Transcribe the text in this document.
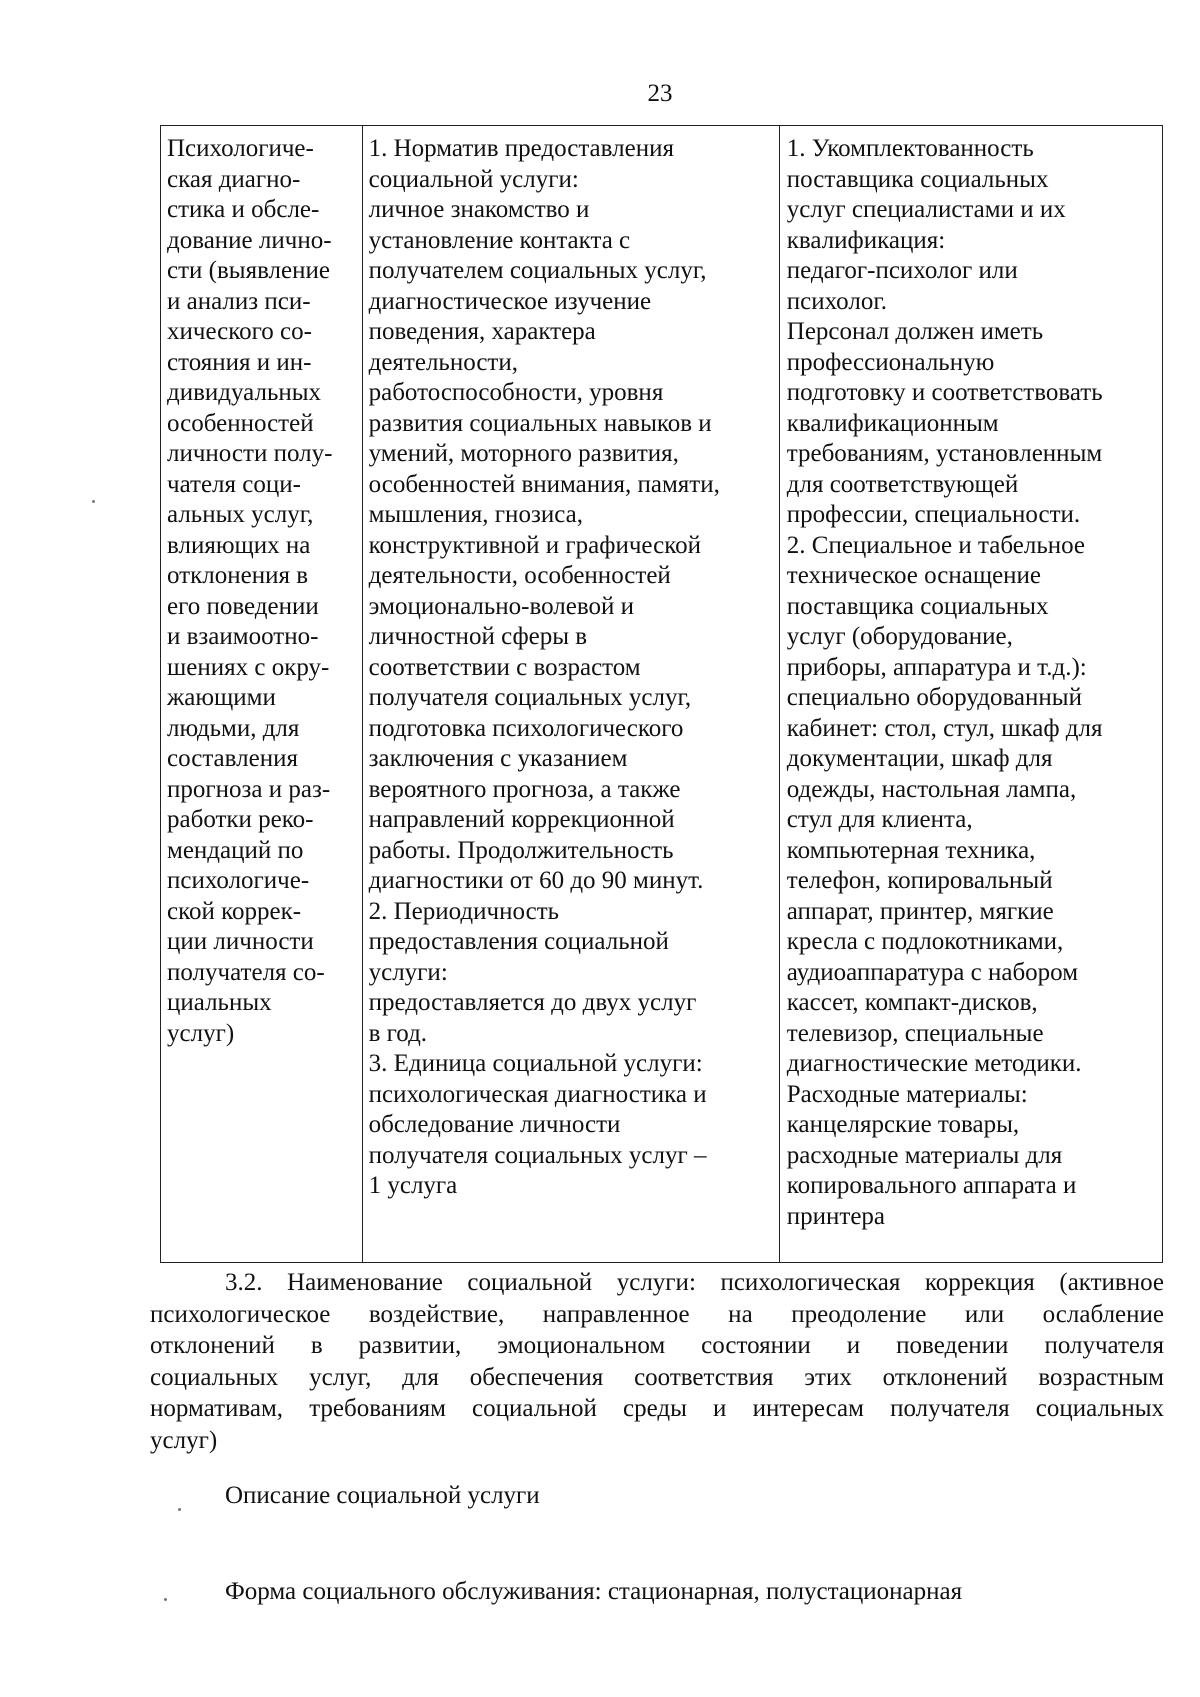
23
Психологиче-
ская диагно-
стика и обсле-
дование лично-
сти (выявление
и анализ пси-
хического со-
стояния и ин-
дивидуальных
особенностей
личности полу-
чателя соци-
альных услуг,
влияющих на
отклонения в
его поведении
и взаимоотно-
шениях с окру-
жающими
людьми, для
составления
прогноза и раз-
работки реко-
мендаций по
психологиче-
ской коррек-
ции личности
получателя со-
циальных
услуг)
1. Норматив предоставления
социальной услуги:
личное знакомство и
установление контакта с
получателем социальных услуг,
диагностическое изучение
поведения, характера
деятельности,
работоспособности, уровня
развития социальных навыков и
умений, моторного развития,
особенностей внимания, памяти,
мышления, гнозиса,
конструктивной и графической
деятельности, особенностей
эмоционально-волевой и
личностной сферы в
соответствии с возрастом
получателя социальных услуг,
подготовка психологического
заключения с указанием
вероятного прогноза, а также
направлений коррекционной
работы. Продолжительность
диагностики от 60 до 90 минут.
2. Периодичность
предоставления социальной
услуги:
предоставляется до двух услуг
в год.
3. Единица социальной услуги:
психологическая диагностика и
обследование личности
получателя социальных услуг –
1 услуга
1. Укомплектованность
поставщика социальных
услуг специалистами и их
квалификация:
педагог-психолог или
психолог.
Персонал должен иметь
профессиональную
подготовку и соответствовать
квалификационным
требованиям, установленным
для соответствующей
профессии, специальности.
2. Специальное и табельное
техническое оснащение
поставщика социальных
услуг (оборудование,
приборы, аппаратура и т.д.):
специально оборудованный
кабинет: стол, стул, шкаф для
документации, шкаф для
одежды, настольная лампа,
стул для клиента,
компьютерная техника,
телефон, копировальный
аппарат, принтер, мягкие
кресла с подлокотниками,
аудиоаппаратура с набором
кассет, компакт-дисков,
телевизор, специальные
диагностические методики.
Расходные материалы:
канцелярские товары,
расходные материалы для
копировального аппарата и
принтера
3.2. Наименование социальной услуги: психологическая коррекция (активное
психологическое воздействие, направленное на преодоление или ослабление
отклонений в развитии, эмоциональном состоянии и поведении получателя
социальных услуг, для обеспечения соответствия этих отклонений возрастным
нормативам, требованиям социальной среды и интересам получателя социальных
услуг)
Описание социальной услуги
Форма социального обслуживания: стационарная, полустационарная
